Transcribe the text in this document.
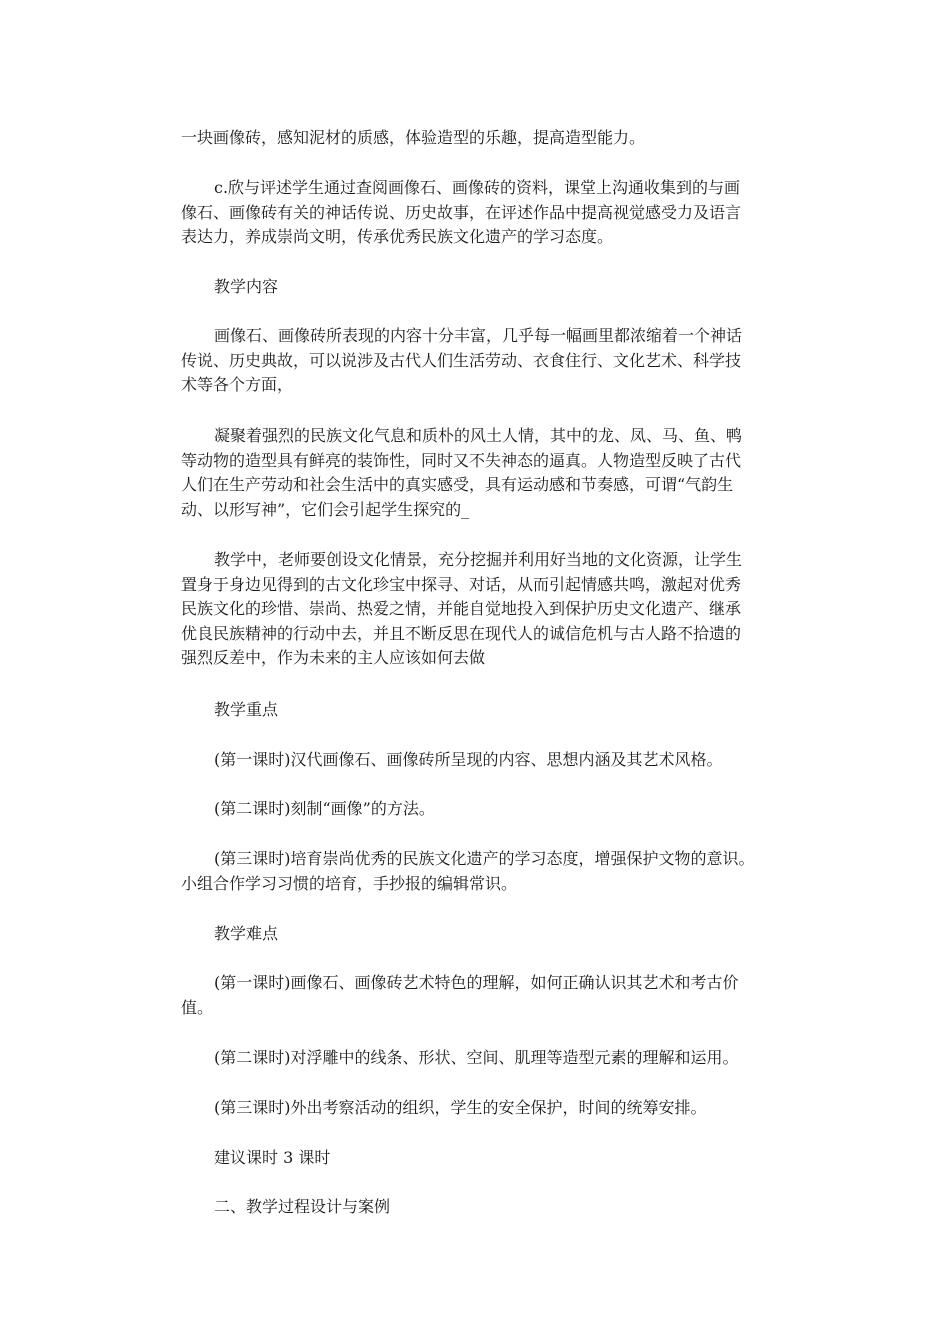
一块画像砖，感知泥材的质感，体验造型的乐趣，提高造型能力。

c.欣与评述学生通过查阅画像石、画像砖的资料，课堂上沟通收集到的与画
像石、画像砖有关的神话传说、历史故事，在评述作品中提高视觉感受力及语言
表达力，养成崇尚文明，传承优秀民族文化遗产的学习态度。

教学内容

画像石、画像砖所表现的内容十分丰富，几乎每一幅画里都浓缩着一个神话
传说、历史典故，可以说涉及古代人们生活劳动、衣食住行、文化艺术、科学技
术等各个方面，

凝聚着强烈的民族文化气息和质朴的风土人情，其中的龙、凤、马、鱼、鸭
等动物的造型具有鲜亮的装饰性，同时又不失神态的逼真。人物造型反映了古代
人们在生产劳动和社会生活中的真实感受，具有运动感和节奏感，可谓“气韵生
动、以形写神”，它们会引起学生探究的_

教学中，老师要创设文化情景，充分挖掘并利用好当地的文化资源，让学生
置身于身边见得到的古文化珍宝中探寻、对话，从而引起情感共鸣，激起对优秀
民族文化的珍惜、崇尚、热爱之情，并能自觉地投入到保护历史文化遗产、继承
优良民族精神的行动中去，并且不断反思在现代人的诚信危机与古人路不拾遗的
强烈反差中，作为未来的主人应该如何去做

教学重点

(第一课时)汉代画像石、画像砖所呈现的内容、思想内涵及其艺术风格。

(第二课时)刻制“画像”的方法。

(第三课时)培育崇尚优秀的民族文化遗产的学习态度，增强保护文物的意识。
小组合作学习习惯的培育，手抄报的编辑常识。

教学难点

(第一课时)画像石、画像砖艺术特色的理解，如何正确认识其艺术和考古价
值。

(第二课时)对浮雕中的线条、形状、空间、肌理等造型元素的理解和运用。

(第三课时)外出考察活动的组织，学生的安全保护，时间的统筹安排。

建议课时 3 课时

二、教学过程设计与案例
